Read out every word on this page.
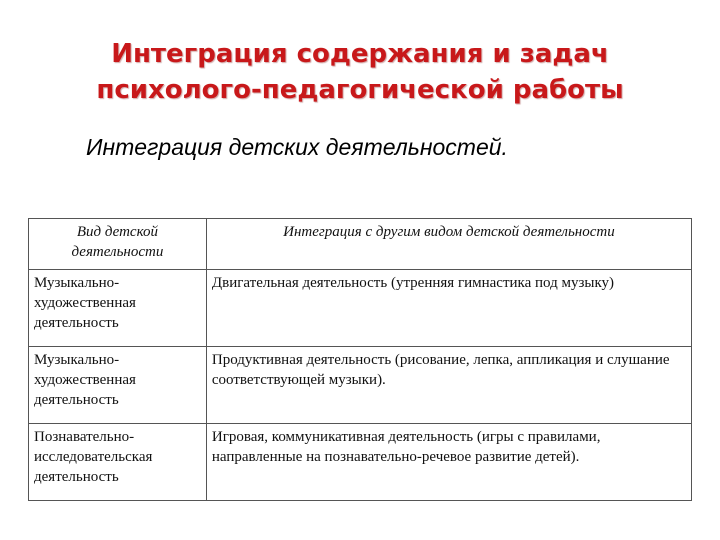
Интеграция содержания и задач
психолого-педагогической работы
Интеграция детских деятельностей.
Вид детской деятельности	Интеграция с другим видом детской деятельности
Музыкально-художественная деятельность	Двигательная деятельность (утренняя гимнастика под музыку)
Музыкально-художественная деятельность	Продуктивная деятельность (рисование, лепка, аппликация и слушание соответствующей музыки).
Познавательно-исследовательская деятельность	Игровая, коммуникативная деятельность (игры с правилами, направленные на познавательно-речевое развитие детей).
